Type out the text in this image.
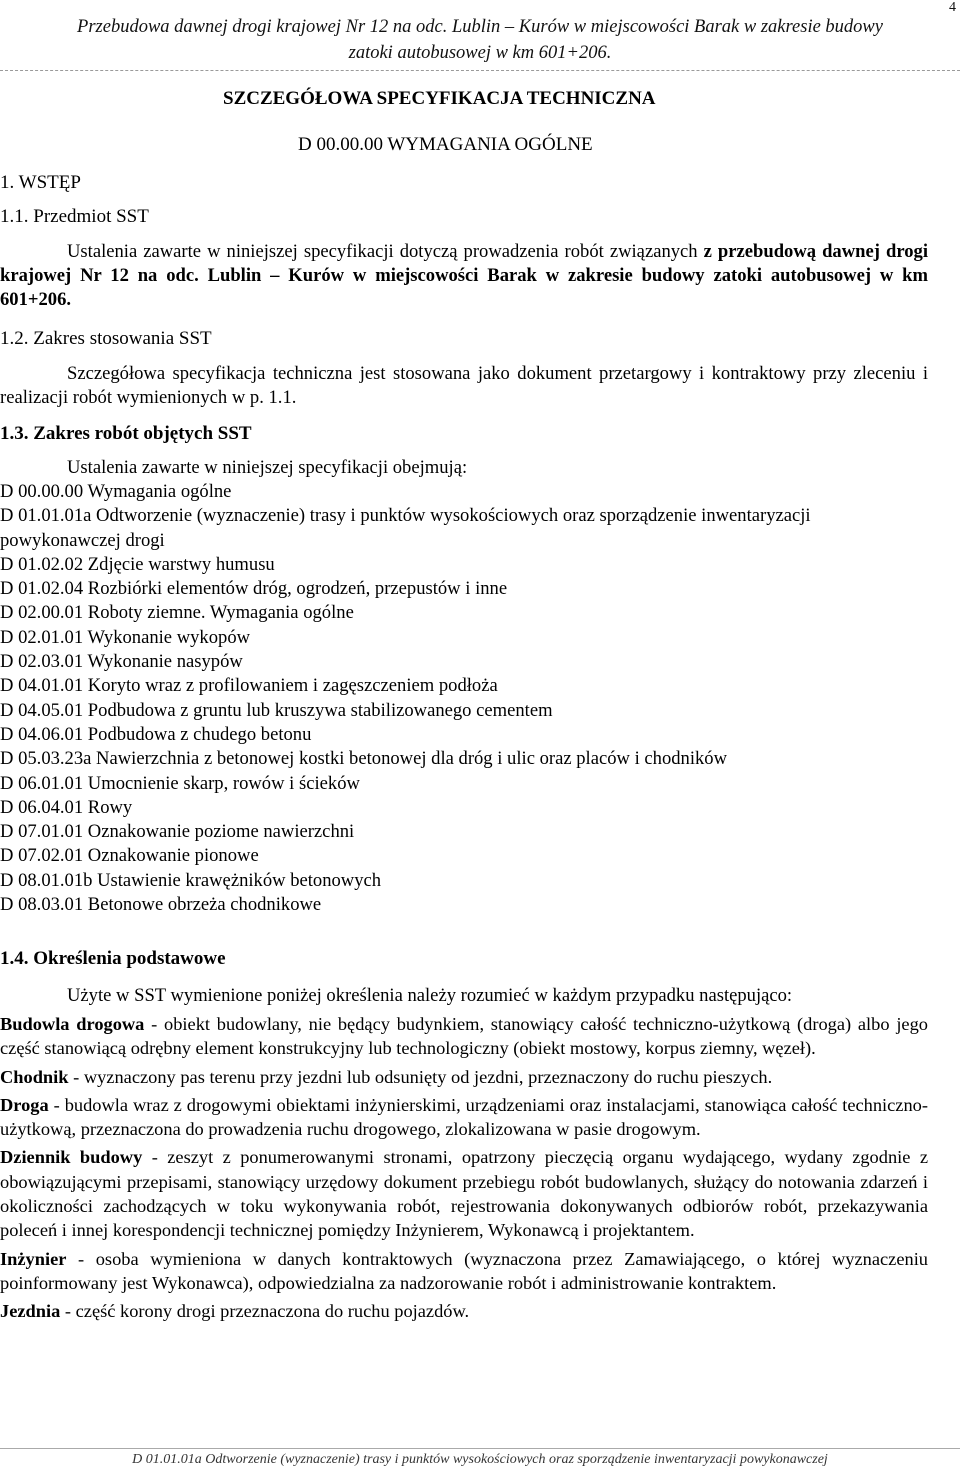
Przebudowa dawnej drogi krajowej Nr 12 na odc. Lublin – Kurów w miejscowości Barak w zakresie budowy
zatoki autobusowej w km 601+206.
4
SZCZEGÓŁOWA SPECYFIKACJA TECHNICZNA
D 00.00.00 WYMAGANIA OGÓLNE
1. WSTĘP
1.1. Przedmiot SST
Ustalenia zawarte w niniejszej specyfikacji dotyczą prowadzenia robót związanych z przebudową dawnej drogi krajowej Nr 12 na odc. Lublin – Kurów w miejscowości Barak w zakresie budowy zatoki autobusowej w km 601+206.
1.2. Zakres stosowania SST
Szczegółowa specyfikacja techniczna jest stosowana jako dokument przetargowy i kontraktowy przy zleceniu i realizacji robót wymienionych w p. 1.1.
1.3. Zakres robót objętych SST
Ustalenia zawarte w niniejszej specyfikacji obejmują:
D 00.00.00 Wymagania ogólne
D 01.01.01a Odtworzenie (wyznaczenie) trasy i punktów wysokościowych oraz sporządzenie inwentaryzacji powykonawczej drogi
D 01.02.02 Zdjęcie warstwy humusu
D 01.02.04 Rozbiórki elementów dróg, ogrodzeń, przepustów i inne
D 02.00.01 Roboty ziemne. Wymagania ogólne
D 02.01.01 Wykonanie wykopów
D 02.03.01 Wykonanie nasypów
D 04.01.01 Koryto wraz z profilowaniem i zagęszczeniem podłoża
D 04.05.01 Podbudowa z gruntu lub kruszywa stabilizowanego cementem
D 04.06.01 Podbudowa z chudego betonu
D 05.03.23a Nawierzchnia z betonowej kostki betonowej dla dróg i ulic oraz placów i chodników
D 06.01.01 Umocnienie skarp, rowów i ścieków
D 06.04.01 Rowy
D 07.01.01 Oznakowanie poziome nawierzchni
D 07.02.01 Oznakowanie pionowe
D 08.01.01b Ustawienie krawężników betonowych
D 08.03.01 Betonowe obrzeża chodnikowe
1.4. Określenia podstawowe
Użyte w SST wymienione poniżej określenia należy rozumieć w każdym przypadku następująco:

Budowla drogowa - obiekt budowlany, nie będący budynkiem, stanowiący całość techniczno-użytkową (droga) albo jego część stanowiącą odrębny element konstrukcyjny lub technologiczny (obiekt mostowy, korpus ziemny, węzeł).

Chodnik - wyznaczony pas terenu przy jezdni lub odsunięty od jezdni, przeznaczony do ruchu pieszych.

Droga - budowla wraz z drogowymi obiektami inżynierskimi, urządzeniami oraz instalacjami, stanowiąca całość techniczno-użytkową, przeznaczona do prowadzenia ruchu drogowego, zlokalizowana w pasie drogowym.

Dziennik budowy - zeszyt z ponumerowanymi stronami, opatrzony pieczęcią organu wydającego, wydany zgodnie z obowiązującymi przepisami, stanowiący urzędowy dokument przebiegu robót budowlanych, służący do notowania zdarzeń i okoliczności zachodzących w toku wykonywania robót, rejestrowania dokonywanych odbiorów robót, przekazywania poleceń i innej korespondencji technicznej pomiędzy Inżynierem, Wykonawcą i projektantem.

Inżynier - osoba wymieniona w danych kontraktowych (wyznaczona przez Zamawiającego, o której wyznaczeniu poinformowany jest Wykonawca), odpowiedzialna za nadzorowanie robót i administrowanie kontraktem.

Jezdnia - część korony drogi przeznaczona do ruchu pojazdów.

D 01.01.01a Odtworzenie (wyznaczenie) trasy i punktów wysokościowych oraz sporządzenie inwentaryzacji powykonawczej
